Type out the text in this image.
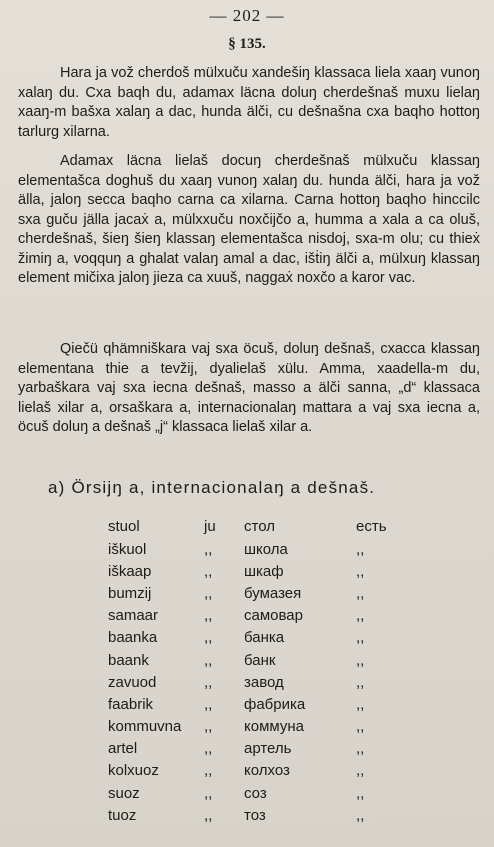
— 202 —
§ 135.

Hara ja vož cherdoš mülxuču xandešiŋ klassaca liela xaaŋ vunoŋ xalaŋ du. Cxa baqh du, adamax läcna doluŋ cherdešnaš muxu lielaŋ xaaŋ-m bašxa xalaŋ a dac, hunda älči, cu dešnašna cxa baqho hottoŋ tarlurg xilarna.

Adamax läcna lielaš docuŋ cherdešnaš mülxuču klassaŋ elementašca doghuš du xaaŋ vunoŋ xalaŋ du. hunda älči, hara ja vož älla, jaloŋ secca baqho carna ca xilarna. Carna hottoŋ baqho hinccilc sxa guču jälla jacaẋ a, mülxxuču noxčijčo a, humma a xala a ca oluš, cherdešnaš, šieŋ šieŋ klassaŋ elementašca nisdoj, sxa-m olu; cu thieẋ žimiŋ a, voqquŋ a ghalat valaŋ amal a dac, išṫiŋ älči a, mülxuŋ klassaŋ element mičixa jaloŋ jieza ca xuuš, naggaẋ noxčo a karor vac.

Qiečü qhämniškara vaj sxa öcuš, doluŋ dešnaš, cxacca klassaŋ elementana thie a tevžij, dyalielaš xülu. Amma, xaadella-m du, yarbaškara vaj sxa iecna dešnaš, masso a älči sanna, „d“ klassaca lielaš xilar a, orsaškara a, internacionalaŋ mattara a vaj sxa iecna a, öcuš doluŋ a dešnaš „j“ klassaca lielaš xilar a.

a) Örsijŋ a, internacionalaŋ a dešnaš.
stuol	ju	стол	есть
iškuol	,,	школа	,,
iškaap	,,	шкаф	,,
bumzij	,,	бумазея	,,
samaar	,,	самовар	,,
baanka	,,	банка	,,
baank	,,	банк	,,
zavuod	,,	завод	,,
faabrik	,,	фабрика	,,
kommuvna	,,	коммуна	,,
artel	,,	артель	,,
kolxuoz	,,	колхоз	,,
suoz	,,	соз	,,
tuoz	,,	тоз	,,
